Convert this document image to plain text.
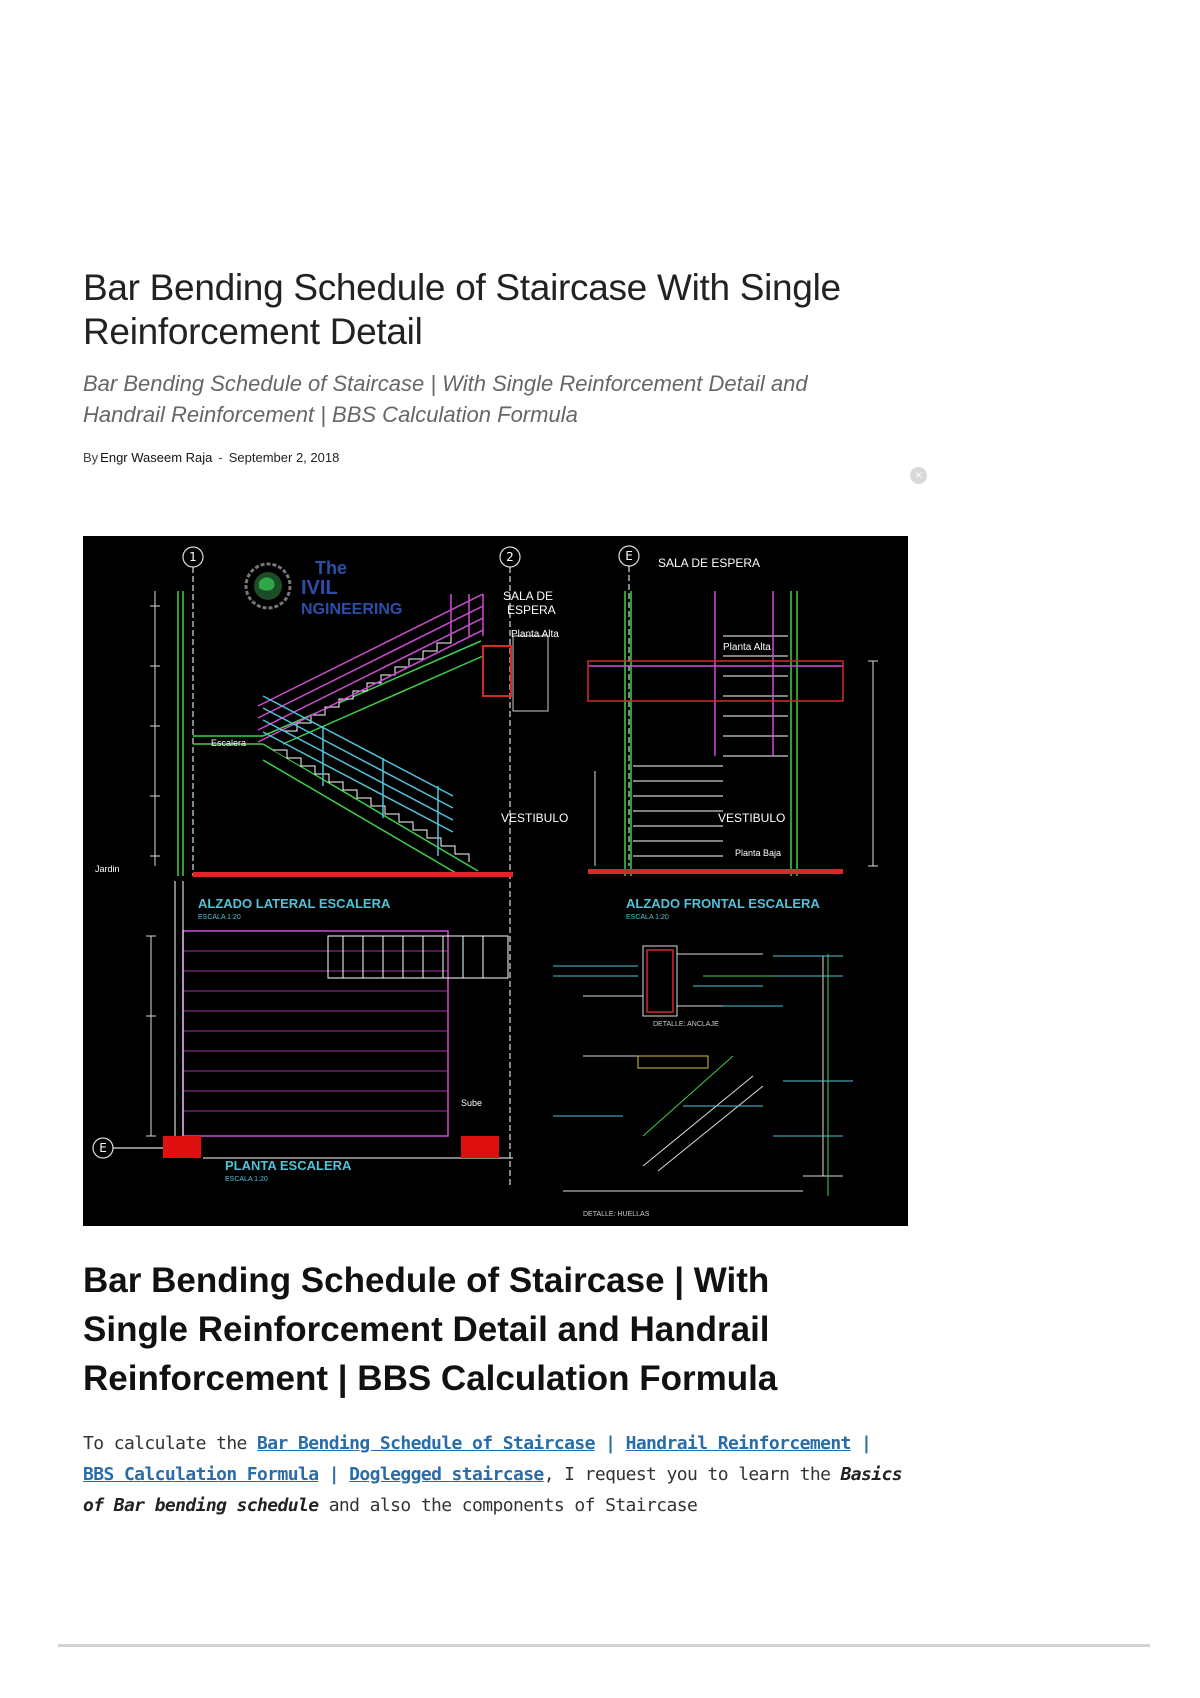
Bar Bending Schedule of Staircase With Single Reinforcement Detail

Bar Bending Schedule of Staircase | With Single Reinforcement Detail and Handrail Reinforcement | BBS Calculation Formula

By Engr Waseem Raja - September 2, 2018
×
1	2	E
E
The
IVIL
NGINEERING
SALA DE
ESPERA
Planta Alta
VESTIBULO
Escalera
Jardin
ALZADO LATERAL ESCALERA
ESCALA 1:20
SALA DE ESPERA
Planta Alta
VESTIBULO
Planta Baja
ALZADO FRONTAL ESCALERA
ESCALA 1:20
Sube
PLANTA ESCALERA
ESCALA 1:20
DETALLE: ANCLAJE
DETALLE: HUELLAS
Bar Bending Schedule of Staircase | With Single Reinforcement Detail and Handrail Reinforcement | BBS Calculation Formula

To calculate the Bar Bending Schedule of Staircase | Handrail Reinforcement | BBS Calculation Formula | Doglegged staircase, I request you to learn the Basics of Bar bending schedule and also the components of Staircase
